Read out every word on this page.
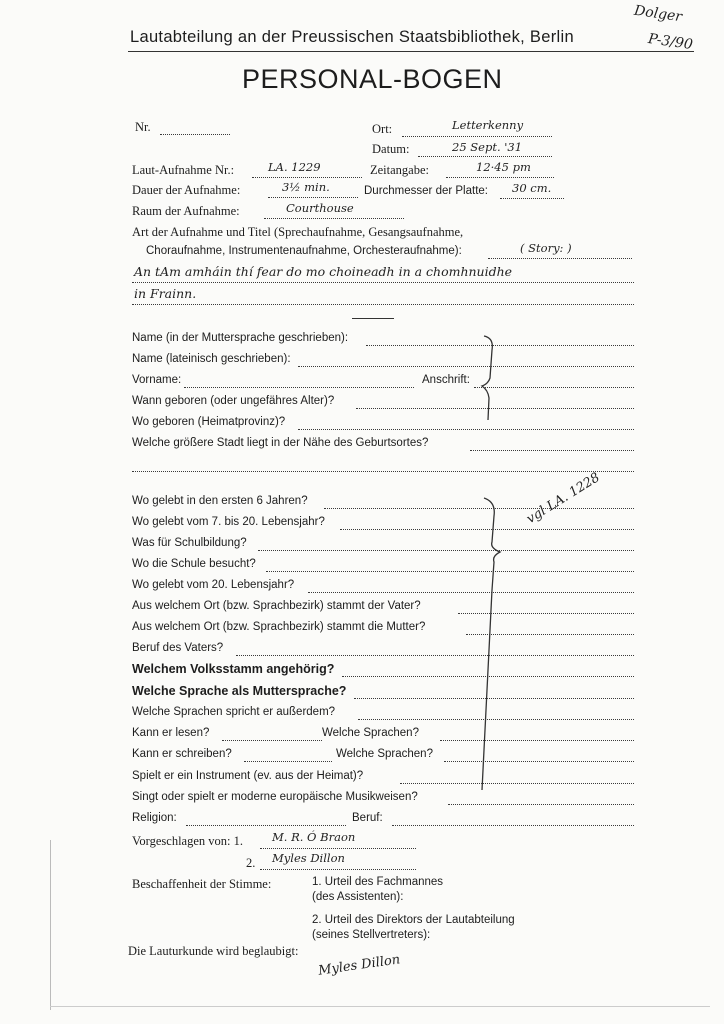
Dolger
P-3/90
Lautabteilung an der Preussischen Staatsbibliothek, Berlin
PERSONAL-BOGEN
Nr.	Ort:	Letterkenny
Datum:	25 Sept. '31
Laut-Aufnahme Nr.:	LA. 1229	Zeitangabe:	12·45 pm
Dauer der Aufnahme:	3½ min.	Durchmesser der Platte: 30 cm.
Raum der Aufnahme:	Courthouse
Art der Aufnahme und Titel (Sprechaufnahme, Gesangsaufnahme,
Choraufnahme, Instrumentenaufnahme, Orchesteraufnahme):	( Story: )
An tAm amháin thí fear do mo choineadh in a chomhnuidhe
in Frainn.
Name (in der Muttersprache geschrieben):
Name (lateinisch geschrieben):
Vorname:	Anschrift:
Wann geboren (oder ungefähres Alter)?
Wo geboren (Heimatprovinz)?
Welche größere Stadt liegt in der Nähe des Geburtsortes?
Wo gelebt in den ersten 6 Jahren?
Wo gelebt vom 7. bis 20. Lebensjahr?
Was für Schulbildung?
Wo die Schule besucht?
Wo gelebt vom 20. Lebensjahr?
Aus welchem Ort (bzw. Sprachbezirk) stammt der Vater?
Aus welchem Ort (bzw. Sprachbezirk) stammt die Mutter?
Beruf des Vaters?
Welchem Volksstamm angehörig?
Welche Sprache als Muttersprache?
Welche Sprachen spricht er außerdem?
Kann er lesen?	Welche Sprachen?
Kann er schreiben?	Welche Sprachen?
Spielt er ein Instrument (ev. aus der Heimat)?
Singt oder spielt er moderne europäische Musikweisen?
Religion:	Beruf:
vgl LA. 1228
Vorgeschlagen von: 1.	M. R. Ó Braon
2. Myles Dillon
Beschaffenheit der Stimme:	1. Urteil des Fachmannes
(des Assistenten):
2. Urteil des Direktors der Lautabteilung
(seines Stellvertreters):
Die Lauturkunde wird beglaubigt:
Myles Dillon
